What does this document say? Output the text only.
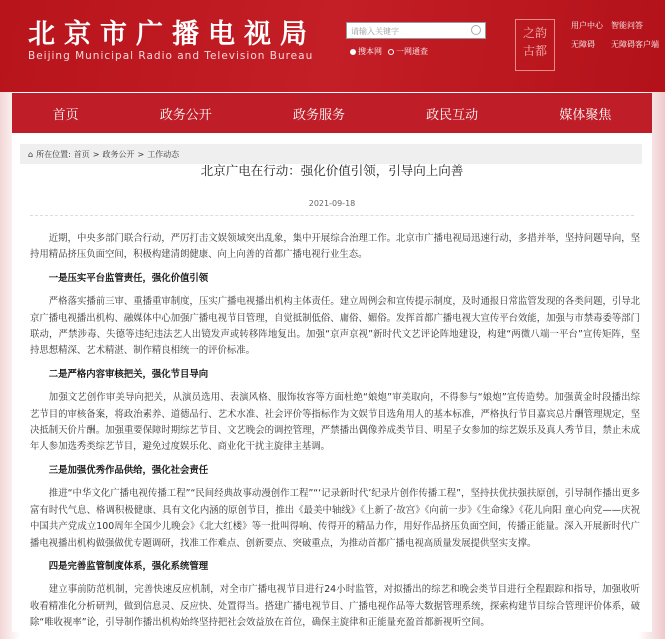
北京市广播电视局
Beijing Municipal Radio and Television Bureau
请输入关键字
搜本网	一网通查
之韵
古都
用户中心	智能问答
无障碍	无障碍客户端
首页	政务公开	政务服务	政民互动	媒体聚焦
⌂ 所在位置: 首页 > 政务公开 > 工作动态
北京广电在行动：强化价值引领，引导向上向善
2021-09-18

近期，中央多部门联合行动，严厉打击文娱领域突出乱象，集中开展综合治理工作。北京市广播电视局迅速行动，多措并举，坚持问题导向，坚持用精品挤压负面空间，积极构建清朗健康、向上向善的首都广播电视行业生态。

一是压实平台监管责任，强化价值引领

严格落实播前三审、重播重审制度，压实广播电视播出机构主体责任。建立周例会和宣传提示制度，及时通报日常监管发现的各类问题，引导北京广播电视播出机构、融媒体中心加强广播电视节目管理，自觉抵制低俗、庸俗、媚俗。发挥首都广播电视大宣传平台效能，加强与市禁毒委等部门联动，严禁涉毒、失德等违纪违法艺人出镜发声或转移阵地复出。加强“京声京视”新时代文艺评论阵地建设，构建“两微八端一平台”宣传矩阵，坚持思想精深、艺术精湛、制作精良相统一的评价标准。

二是严格内容审核把关，强化节目导向

加强文艺创作审美导向把关，从演员选用、表演风格、服饰妆容等方面杜绝“娘炮”审美取向，不得参与“娘炮”宣传造势。加强黄金时段播出综艺节目的审核备案，将政治素养、道德品行、艺术水准、社会评价等指标作为文娱节目选角用人的基本标准，严格执行节目嘉宾总片酬管理规定，坚决抵制天价片酬。加强重要保障时期综艺节目、文艺晚会的调控管理，严禁播出偶像养成类节目、明星子女参加的综艺娱乐及真人秀节目，禁止未成年人参加选秀类综艺节目，避免过度娱乐化、商业化干扰主旋律主基调。

三是加强优秀作品供给，强化社会责任

推进“中华文化广播电视传播工程”“民间经典故事动漫创作工程”“‘记录新时代’纪录片创作传播工程”，坚持扶优扶强扶原创，引导制作播出更多富有时代气息、格调积极健康、具有文化内涵的原创节目，推出《最美中轴线》《上新了·故宫》《向前一步》《生命缘》《花儿向阳 童心向党——庆祝中国共产党成立100周年全国少儿晚会》《北大红楼》等一批叫得响、传得开的精品力作，用好作品挤压负面空间，传播正能量。深入开展新时代广播电视播出机构做强做优专题调研，找准工作难点、创新要点、突破重点，为推动首都广播电视高质量发展提供坚实支撑。

四是完善监管制度体系，强化系统管理

建立事前防范机制，完善快速反应机制，对全市广播电视节目进行24小时监管，对拟播出的综艺和晚会类节目进行全程跟踪和指导，加强收听收看精准化分析研判，做到信息灵、反应快、处置得当。搭建广播电视节目、广播电视作品等大数据管理系统，探索构建节目综合管理评价体系，破除“唯收视率”论，引导制作播出机构始终坚持把社会效益放在首位，确保主旋律和正能量充盈首都新视听空间。
